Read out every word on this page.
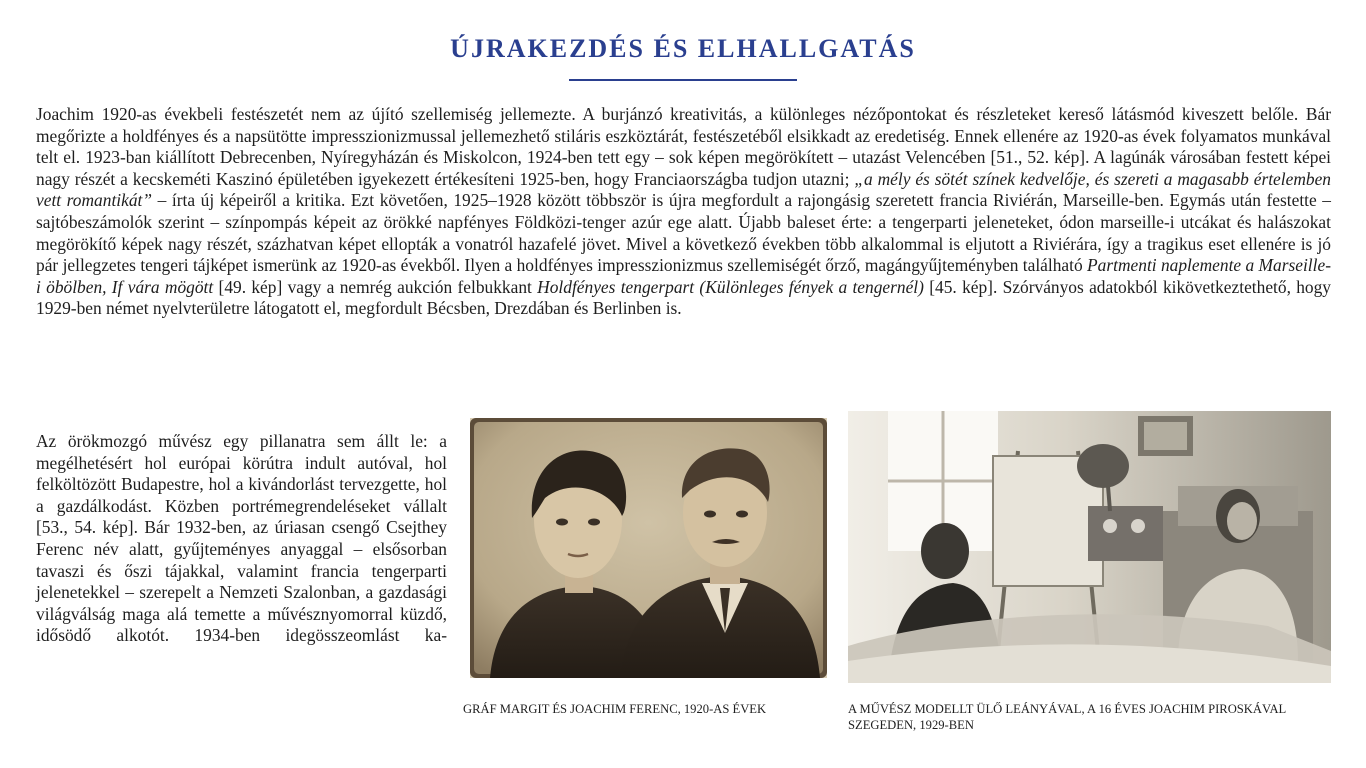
ÚJRAKEZDÉS ÉS ELHALLGATÁS

Joachim 1920-as évekbeli festészetét nem az újító szellemiség jellemezte. A burjánzó kreativitás, a különleges nézőpontokat és részleteket kereső látásmód kiveszett belőle. Bár megőrizte a holdfényes és a napsütötte impresszionizmussal jellemezhető stiláris eszköztárát, festészetéből elsikkadt az eredetiség. Ennek ellenére az 1920-as évek folyamatos munkával telt el. 1923-ban kiállított Debrecenben, Nyíregyházán és Miskolcon, 1924-ben tett egy – sok képen megörökített – utazást Velencében [51., 52. kép]. A lagúnák városában festett képei nagy részét a kecskeméti Kaszinó épületében igyekezett értékesíteni 1925-ben, hogy Franciaországba tudjon utazni; „a mély és sötét színek kedvelője, és szereti a magasabb értelemben vett romantikát” – írta új képeiről a kritika. Ezt követően, 1925–1928 között többször is újra megfordult a rajongásig szeretett francia Riviérán, Marseille-ben. Egymás után festette – sajtóbeszámolók szerint – színpompás képeit az örökké napfényes Földközi-tenger azúr ege alatt. Újabb baleset érte: a tengerparti jeleneteket, ódon marseille-i utcákat és halászokat megörökítő képek nagy részét, százhatvan képet ellopták a vonatról hazafelé jövet. Mivel a következő években több alkalommal is eljutott a Riviérára, így a tragikus eset ellenére is jó pár jellegzetes tengeri tájképet ismerünk az 1920-as évekből. Ilyen a holdfényes impresszionizmus szellemiségét őrző, magángyűjteményben található Partmenti naplemente a Marseille-i öbölben, If vára mögött [49. kép] vagy a nemrég aukción felbukkant Holdfényes tengerpart (Különleges fények a tengernél) [45. kép]. Szórványos adatokból kikövetkeztethető, hogy 1929-ben német nyelvterületre látogatott el, megfordult Bécsben, Drezdában és Berlinben is.

Az örökmozgó művész egy pillanatra sem állt le: a megélhetésért hol európai körútra indult autóval, hol felköltözött Budapestre, hol a kivándorlást tervezgette, hol a gazdálkodást. Közben portrémegrendeléseket vállalt [53., 54. kép]. Bár 1932-ben, az úriasan csengő Csejthey Ferenc név alatt, gyűjteményes anyaggal – elsősorban tavaszi és őszi tájakkal, valamint francia tengerparti jelenetekkel – szerepelt a Nemzeti Szalonban, a gazdasági világválság maga alá temette a művésznyomorral küzdő, idősödő alkotót. 1934-ben idegösszeomlást ka-

GRÁF MARGIT ÉS JOACHIM FERENC, 1920-AS ÉVEK	A MŰVÉSZ MODELLT ÜLŐ LEÁNYÁVAL, A 16 ÉVES JOACHIM PIROSKÁVAL SZEGEDEN, 1929-BEN
